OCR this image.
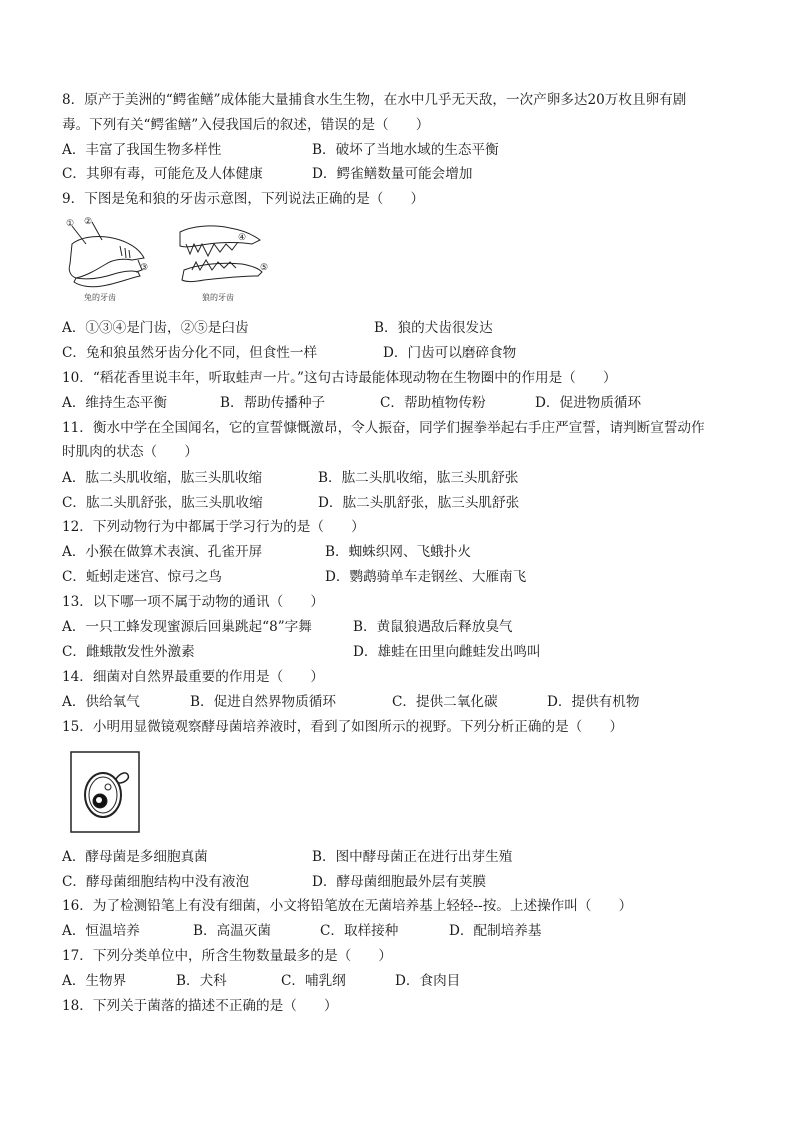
8．原产于美洲的“鳄雀鳝”成体能大量捕食水生生物，在水中几乎无天敌，一次产卵多达20万枚且卵有剧
毒。下列有关“鳄雀鳝”入侵我国后的叙述，错误的是（　　）
A．丰富了我国生物多样性	B．破坏了当地水域的生态平衡
C．其卵有毒，可能危及人体健康	D．鳄雀鳝数量可能会增加
9．下图是兔和狼的牙齿示意图，下列说法正确的是（　　）
① ②
③
兔的牙齿
④
⑤
狼的牙齿
A．①③④是门齿，②⑤是臼齿	B．狼的犬齿很发达
C．兔和狼虽然牙齿分化不同，但食性一样	D．门齿可以磨碎食物
10．“稻花香里说丰年，听取蛙声一片。”这句古诗最能体现动物在生物圈中的作用是（　　）
A．维持生态平衡	B．帮助传播种子	C．帮助植物传粉	D．促进物质循环
11．衡水中学在全国闻名，它的宣誓慷慨激昂，令人振奋，同学们握拳举起右手庄严宣誓，请判断宣誓动作
时肌肉的状态（　　）
A．肱二头肌收缩，肱三头肌收缩	B．肱二头肌收缩，肱三头肌舒张
C．肱二头肌舒张，肱三头肌收缩	D．肱二头肌舒张，肱三头肌舒张
12．下列动物行为中都属于学习行为的是（　　）
A．小猴在做算术表演、孔雀开屏	B．蜘蛛织网、飞蛾扑火
C．蚯蚓走迷宫、惊弓之鸟	D．鹦鹉骑单车走钢丝、大雁南飞
13．以下哪一项不属于动物的通讯（　　）
A．一只工蜂发现蜜源后回巢跳起“8”字舞	B．黄鼠狼遇敌后释放臭气
C．雌蛾散发性外激素	D．雄蛙在田里向雌蛙发出鸣叫
14．细菌对自然界最重要的作用是（　　）
A．供给氧气	B．促进自然界物质循环	C．提供二氧化碳	D．提供有机物
15．小明用显微镜观察酵母菌培养液时，看到了如图所示的视野。下列分析正确的是（　　）
A．酵母菌是多细胞真菌	B．图中酵母菌正在进行出芽生殖
C．酵母菌细胞结构中没有液泡	D．酵母菌细胞最外层有荚膜
16．为了检测铅笔上有没有细菌，小文将铅笔放在无菌培养基上轻轻--按。上述操作叫（　　）
A．恒温培养	B．高温灭菌	C．取样接种	D．配制培养基
17．下列分类单位中，所含生物数量最多的是（　　）
A．生物界	B．犬科	C．哺乳纲	D．食肉目
18．下列关于菌落的描述不正确的是（　　）
